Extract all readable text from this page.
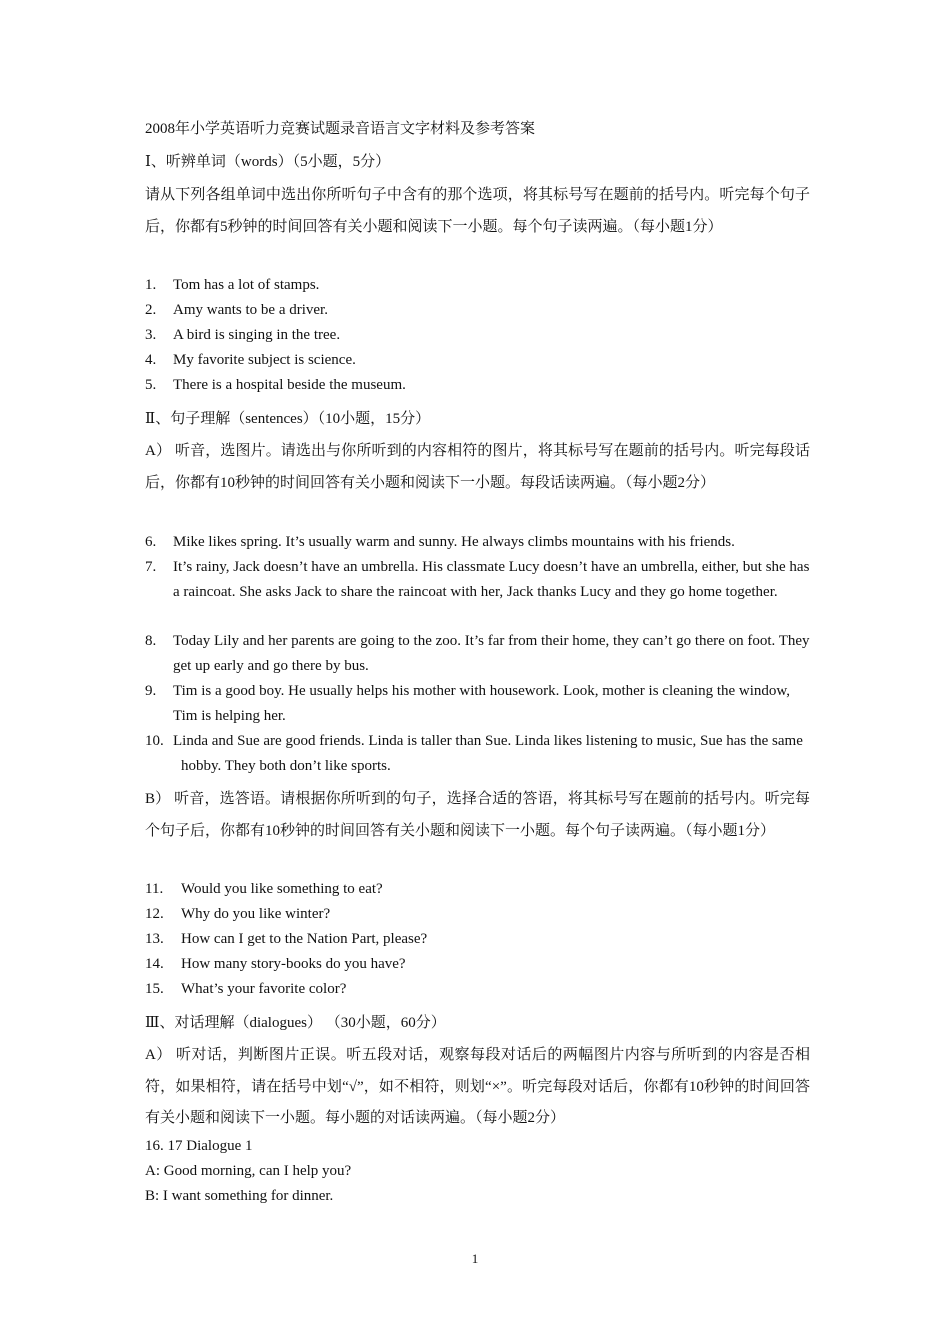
2008年小学英语听力竞赛试题录音语言文字材料及参考答案
Ⅰ、听辨单词（words）（5小题，5分）
请从下列各组单词中选出你所听句子中含有的那个选项，将其标号写在题前的括号内。听完每个句子后，你都有5秒钟的时间回答有关小题和阅读下一小题。每个句子读两遍。（每小题1分）
1.	Tom has a lot of stamps.
2.	Amy wants to be a driver.
3.	A bird is singing in the tree.
4.	My favorite subject is science.
5.	There is a hospital beside the museum.
Ⅱ、句子理解（sentences）（10小题，15分）
A） 听音，选图片。请选出与你所听到的内容相符的图片，将其标号写在题前的括号内。听完每段话后，你都有10秒钟的时间回答有关小题和阅读下一小题。每段话读两遍。（每小题2分）
6.	Mike likes spring. It’s usually warm and sunny. He always climbs mountains with his friends.
7.	It’s rainy, Jack doesn’t have an umbrella. His classmate Lucy doesn’t have an umbrella, either, but she has a raincoat. She asks Jack to share the raincoat with her, Jack thanks Lucy and they go home together.
8.	Today Lily and her parents are going to the zoo. It’s far from their home, they can’t go there on foot. They get up early and go there by bus.
9.	Tim is a good boy. He usually helps his mother with housework. Look, mother is cleaning the window, Tim is helping her.
10. Linda and Sue are good friends. Linda is taller than Sue. Linda likes listening to music, Sue has the same hobby. They both don’t like sports.
B） 听音，选答语。请根据你所听到的句子，选择合适的答语，将其标号写在题前的括号内。听完每个句子后，你都有10秒钟的时间回答有关小题和阅读下一小题。每个句子读两遍。（每小题1分）
11.	Would you like something to eat?
12.	Why do you like winter?
13.	How can I get to the Nation Part, please?
14.	How many story-books do you have?
15.	What’s your favorite color?
Ⅲ、对话理解（dialogues） （30小题，60分）
A） 听对话，判断图片正误。听五段对话，观察每段对话后的两幅图片内容与所听到的内容是否相符，如果相符，请在括号中划“√”，如不相符，则划“×”。听完每段对话后，你都有10秒钟的时间回答有关小题和阅读下一小题。每小题的对话读两遍。（每小题2分）
16. 17 Dialogue 1
A: Good morning, can I help you?
B: I want something for dinner.
1
